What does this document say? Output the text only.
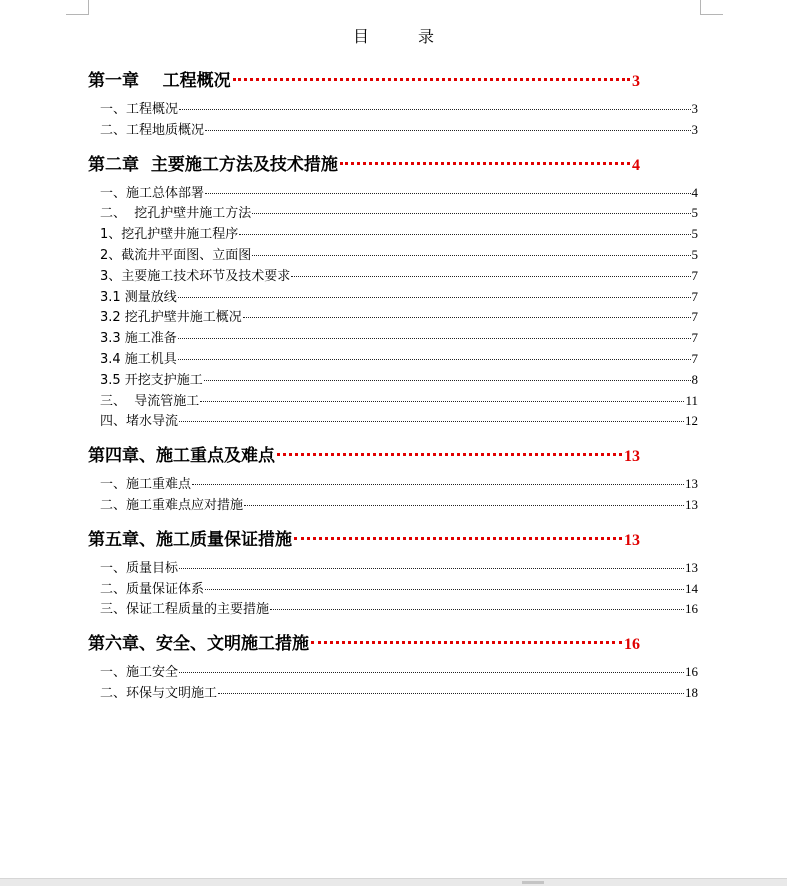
目 录
第一章    工程概况	3
一、工程概况	3
二、工程地质概况	3
第二章  主要施工方法及技术措施	4
一、施工总体部署	4
二、  挖孔护壁井施工方法	5
1、挖孔护壁井施工程序	5
2、截流井平面图、立面图	5
3、主要施工技术环节及技术要求	7
3.1 测量放线	7
3.2 挖孔护壁井施工概况	7
3.3 施工准备	7
3.4 施工机具	7
3.5 开挖支护施工	8
三、  导流管施工	11
四、堵水导流	12
第四章、施工重点及难点	13
一、施工重难点	13
二、施工重难点应对措施	13
第五章、施工质量保证措施	13
一、质量目标	13
二、质量保证体系	14
三、保证工程质量的主要措施	16
第六章、安全、文明施工措施	16
一、施工安全	16
二、环保与文明施工	18
